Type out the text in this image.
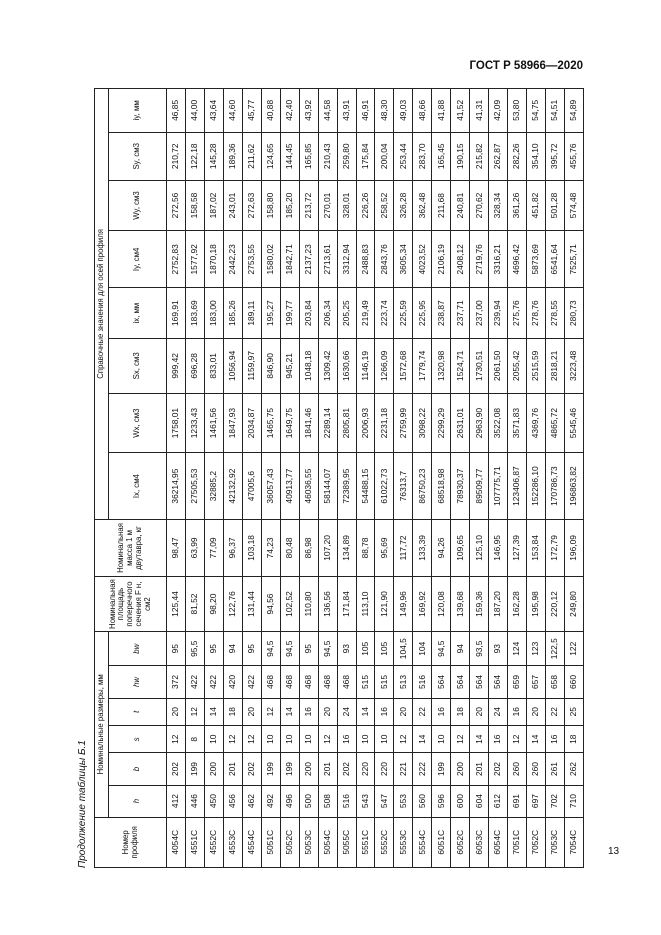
ГОСТ Р 58966—2020
Продолжение таблицы Б.1	Номер профиля	Номинальные размеры, мм						Номинальная площадь поперечного сечения F н, см2	Номинальная масса 1 м двутавра, кг	Справочные значения для осей профиля							
	h	b	s	t	hw	bw			Ix, см4	Wx, см3	Sx, см3	ix, мм	Iy, см4	Wy, см3	Sy, см3	iy, мм
4054C	412	202	12	20	372	95	125,44	98,47	36214,95	1758,01	999,42	169,91	2752,83	272,56	210,72	46,85
4551C	446	199	8	12	422	95,5	81,52	63,99	27505,53	1233,43	696,28	183,69	1577,92	158,58	122,18	44,00
4552C	450	200	10	14	422	95	98,20	77,09	32885,2	1461,56	833,01	183,00	1870,18	187,02	145,28	43,64
4553C	456	201	12	18	420	94	122,76	96,37	42132,92	1847,93	1056,94	185,26	2442,23	243,01	189,36	44,60
4554C	462	202	12	20	422	95	131,44	103,18	47005,6	2034,87	1159,97	189,11	2753,55	272,63	211,62	45,77
5051C	492	199	10	12	468	94,5	94,56	74,23	36057,43	1465,75	846,90	195,27	1580,02	158,80	124,65	40,88
5052C	496	199	10	14	468	94,5	102,52	80,48	40913,77	1649,75	945,21	199,77	1842,71	185,20	144,45	42,40
5053C	500	200	10	16	468	95	110,80	86,98	46036,55	1841,46	1048,18	203,84	2137,23	213,72	165,85	43,92
5054C	508	201	12	20	468	94,5	136,56	107,20	58144,07	2289,14	1309,42	206,34	2713,61	270,01	210,43	44,58
5055C	516	202	16	24	468	93	171,84	134,89	72389,95	2805,81	1630,66	205,25	3312,94	328,01	259,80	43,91
5551C	543	220	10	14	515	105	113,10	88,78	54488,15	2006,93	1146,19	219,49	2488,83	226,26	175,84	46,91
5552C	547	220	10	16	515	105	121,90	95,69	61022,73	2231,18	1266,09	223,74	2843,76	258,52	200,04	48,30
5553C	553	221	12	20	513	104,5	149,96	117,72	76313,7	2759,99	1572,68	225,59	3605,34	326,28	253,44	49,03
5554C	560	222	14	22	516	104	169,92	133,39	86750,23	3098,22	1779,74	225,95	4023,52	362,48	283,70	48,66
6051C	596	199	10	16	564	94,5	120,08	94,26	68518,98	2299,29	1320,98	238,87	2106,19	211,68	165,45	41,88
6052C	600	200	12	18	564	94	139,68	109,65	78930,37	2631,01	1524,71	237,71	2408,12	240,81	190,15	41,52
6053C	604	201	14	20	564	93,5	159,36	125,10	89509,77	2963,90	1730,51	237,00	2719,76	270,62	215,82	41,31
6054C	612	202	16	24	564	93	187,20	146,95	107775,71	3522,08	2061,50	239,94	3316,21	328,34	262,87	42,09
7051C	691	260	12	16	659	124	162,28	127,39	123406,87	3571,83	2055,42	275,76	4696,42	361,26	282,26	53,80
7052C	697	260	14	20	657	123	195,98	153,84	152286,10	4369,76	2515,59	278,76	5873,69	451,82	354,10	54,75
7053C	702	261	16	22	658	122,5	220,12	172,79	170786,73	4865,72	2818,21	278,55	6541,64	501,28	395,72	54,51
7054C	710	262	18	25	660	122	249,80	196,09	196863,82	5545,46	3223,48	280,73	7525,71	574,48	455,76	54,89
13
